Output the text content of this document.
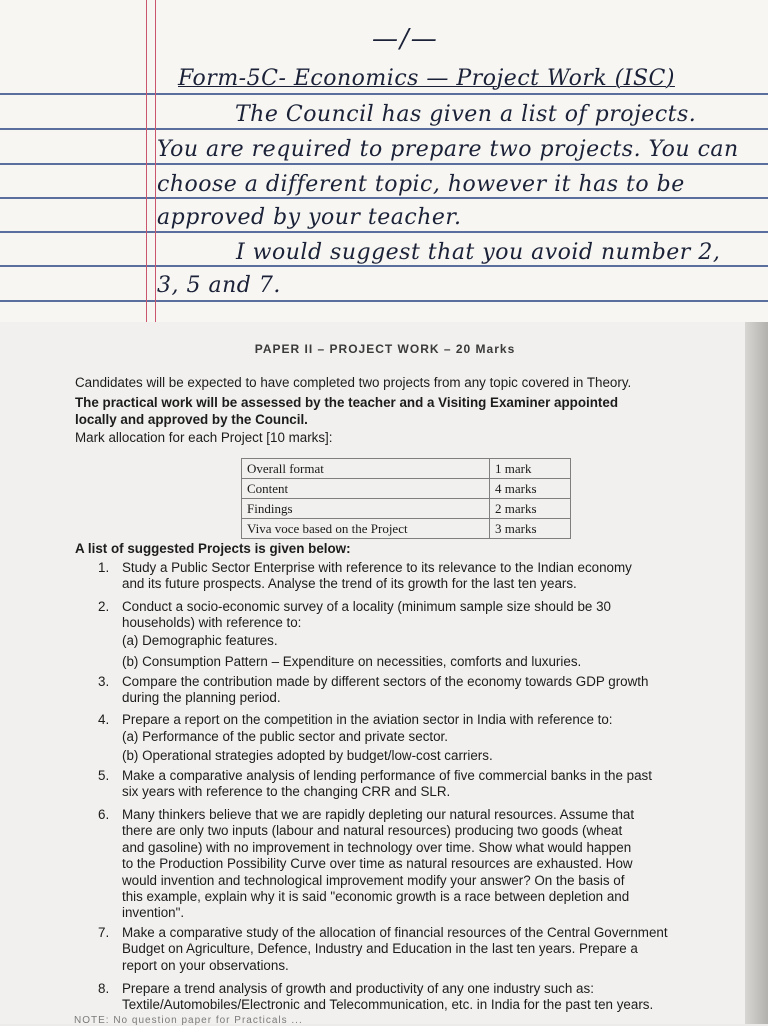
—/—

Form-5C- Economics — Project Work (ISC)

The Council has given a list of projects.

You are required to prepare two projects. You can

choose a different topic, however it has to be

approved by your teacher.

I would suggest that you avoid number 2,

3, 5 and 7.

PAPER II – PROJECT WORK – 20 Marks

Candidates will be expected to have completed two projects from any topic covered in Theory.

The practical work will be assessed by the teacher and a Visiting Examiner appointed

locally and approved by the Council.

Mark allocation for each Project [10 marks]:

Overall format	1 mark
Content	4 marks
Findings	2 marks
Viva voce based on the Project	3 marks

A list of suggested Projects is given below:

1. Study a Public Sector Enterprise with reference to its relevance to the Indian economy
and its future prospects. Analyse the trend of its growth for the last ten years.
2. Conduct a socio-economic survey of a locality (minimum sample size should be 30
households) with reference to:

(a) Demographic features.

(b) Consumption Pattern – Expenditure on necessities, comforts and luxuries.

3. Compare the contribution made by different sectors of the economy towards GDP growth
during the planning period.
4. Prepare a report on the competition in the aviation sector in India with reference to:

(a) Performance of the public sector and private sector.

(b) Operational strategies adopted by budget/low-cost carriers.

5. Make a comparative analysis of lending performance of five commercial banks in the past
six years with reference to the changing CRR and SLR.
6. Many thinkers believe that we are rapidly depleting our natural resources. Assume that
there are only two inputs (labour and natural resources) producing two goods (wheat
and gasoline) with no improvement in technology over time. Show what would happen
to the Production Possibility Curve over time as natural resources are exhausted. How
would invention and technological improvement modify your answer? On the basis of
this example, explain why it is said "economic growth is a race between depletion and
invention".
7. Make a comparative study of the allocation of financial resources of the Central Government
Budget on Agriculture, Defence, Industry and Education in the last ten years. Prepare a
report on your observations.
8. Prepare a trend analysis of growth and productivity of any one industry such as:
Textile/Automobiles/Electronic and Telecommunication, etc. in India for the past ten years.

NOTE: No question paper for Practicals ...
